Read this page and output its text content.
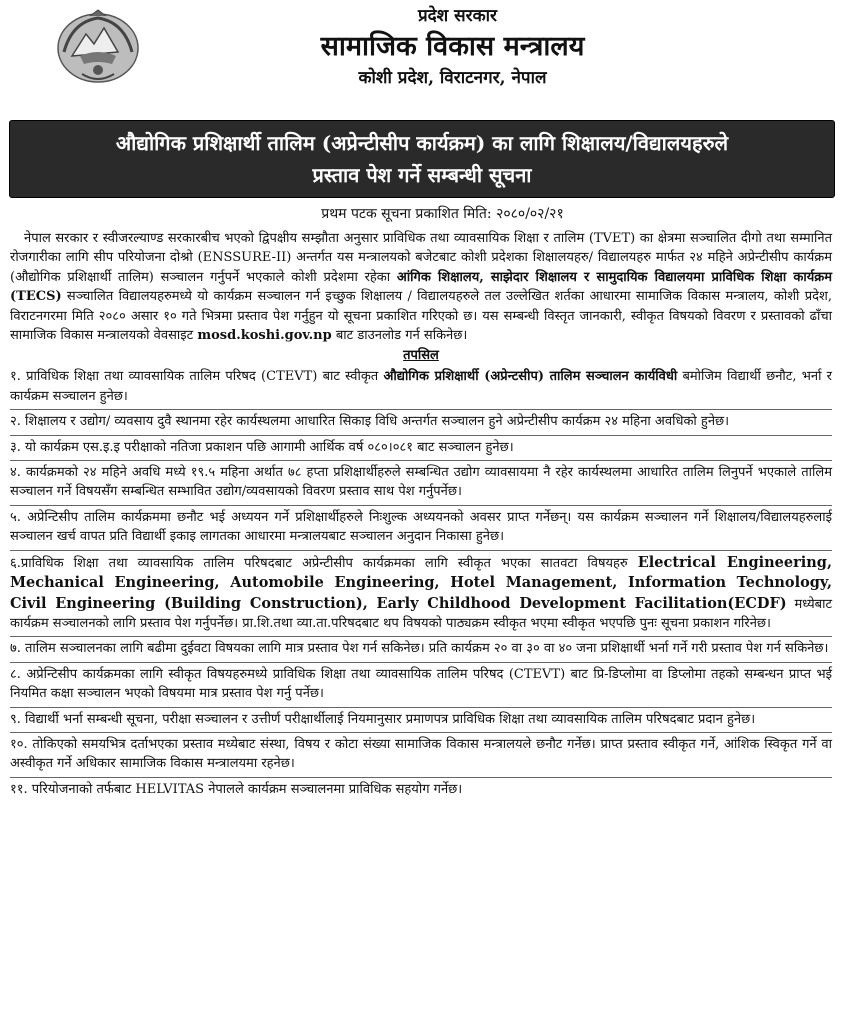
प्रदेश सरकार
सामाजिक विकास मन्त्रालय
कोशी प्रदेश, विराटनगर, नेपाल
औद्योगिक प्रशिक्षार्थी तालिम (अप्रेन्टीसीप कार्यक्रम) का लागि शिक्षालय/विद्यालयहरुले
प्रस्ताव पेश गर्ने सम्बन्धी सूचना
प्रथम पटक सूचना प्रकाशित मिति: २०८०/०२/२१

नेपाल सरकार र स्वीजरल्याण्ड सरकारबीच भएको द्विपक्षीय सम्झौता अनुसार प्राविधिक तथा व्यावसायिक शिक्षा र तालिम (TVET) का क्षेत्रमा सञ्चालित दीगो तथा सम्मानित रोजगारीका लागि सीप परियोजना दोश्रो (ENSSURE-II) अन्तर्गत यस मन्त्रालयको बजेटबाट कोशी प्रदेशका शिक्षालयहरु/ विद्यालयहरु मार्फत २४ महिने अप्रेन्टीसीप कार्यक्रम (औद्योगिक प्रशिक्षार्थी तालिम) सञ्चालन गर्नुपर्ने भएकाले कोशी प्रदेशमा रहेका आंगिक शिक्षालय, साझेदार शिक्षालय र सामुदायिक विद्यालयमा प्राविधिक शिक्षा कार्यक्रम (TECS) सञ्चालित विद्यालयहरुमध्ये यो कार्यक्रम सञ्चालन गर्न इच्छुक शिक्षालय / विद्यालयहरुले तल उल्लेखित शर्तका आधारमा सामाजिक विकास मन्त्रालय, कोशी प्रदेश, विराटनगरमा मिति २०८० असार १० गते भित्रमा प्रस्ताव पेश गर्नुहुन यो सूचना प्रकाशित गरिएको छ। यस सम्बन्धी विस्तृत जानकारी, स्वीकृत विषयको विवरण र प्रस्तावको ढाँचा सामाजिक विकास मन्त्रालयको वेवसाइट mosd.koshi.gov.np बाट डाउनलोड गर्न सकिनेछ।

तपसिल

१. प्राविधिक शिक्षा तथा व्यावसायिक तालिम परिषद (CTEVT) बाट स्वीकृत औद्योगिक प्रशिक्षार्थी (अप्रेन्टसीप) तालिम सञ्चालन कार्यविधी बमोजिम विद्यार्थी छनौट, भर्ना र कार्यक्रम सञ्चालन हुनेछ।

२. शिक्षालय र उद्योग/ व्यवसाय दुवै स्थानमा रहेर कार्यस्थलमा आधारित सिकाइ विधि अन्तर्गत सञ्चालन हुने अप्रेन्टीसीप कार्यक्रम २४ महिना अवधिको हुनेछ।

३. यो कार्यक्रम एस.इ.इ परीक्षाको नतिजा प्रकाशन पछि आगामी आर्थिक वर्ष ०८०।०८१ बाट सञ्चालन हुनेछ।

४. कार्यक्रमको २४ महिने अवधि मध्ये १९.५ महिना अर्थात ७८ हप्ता प्रशिक्षार्थीहरुले सम्बन्धित उद्योग व्यावसायमा नै रहेर कार्यस्थलमा आधारित तालिम लिनुपर्ने भएकाले तालिम सञ्चालन गर्ने विषयसँग सम्बन्धित सम्भावित उद्योग/व्यवसायको विवरण प्रस्ताव साथ पेश गर्नुपर्नेछ।

५. अप्रेन्टिसीप तालिम कार्यक्रममा छनौट भई अध्ययन गर्ने प्रशिक्षार्थीहरुले निःशुल्क अध्ययनको अवसर प्राप्त गर्नेछन्। यस कार्यक्रम सञ्चालन गर्ने शिक्षालय/विद्यालयहरुलाई सञ्चालन खर्च वापत प्रति विद्यार्थी इकाइ लागतका आधारमा मन्त्रालयबाट सञ्चालन अनुदान निकासा हुनेछ।

६.प्राविधिक शिक्षा तथा व्यावसायिक तालिम परिषदबाट अप्रेन्टीसीप कार्यक्रमका लागि स्वीकृत भएका सातवटा विषयहरु Electrical Engineering, Mechanical Engineering, Automobile Engineering, Hotel Management, Information Technology, Civil Engineering (Building Construction), Early Childhood Development Facilitation(ECDF) मध्येबाट कार्यक्रम सञ्चालनको लागि प्रस्ताव पेश गर्नुपर्नेछ। प्रा.शि.तथा व्या.ता.परिषदबाट थप विषयको पाठ्यक्रम स्वीकृत भएमा स्वीकृत भएपछि पुनः सूचना प्रकाशन गरिनेछ।

७. तालिम सञ्चालनका लागि बढीमा दुईवटा विषयका लागि मात्र प्रस्ताव पेश गर्न सकिनेछ। प्रति कार्यक्रम २० वा ३० वा ४० जना प्रशिक्षार्थी भर्ना गर्ने गरी प्रस्ताव पेश गर्न सकिनेछ।

८. अप्रेन्टिसीप कार्यक्रमका लागि स्वीकृत विषयहरुमध्ये प्राविधिक शिक्षा तथा व्यावसायिक तालिम परिषद (CTEVT) बाट प्रि-डिप्लोमा वा डिप्लोमा तहको सम्बन्धन प्राप्त भई नियमित कक्षा सञ्चालन भएको विषयमा मात्र प्रस्ताव पेश गर्नु पर्नेछ।

९. विद्यार्थी भर्ना सम्बन्धी सूचना, परीक्षा सञ्चालन र उत्तीर्ण परीक्षार्थीलाई नियमानुसार प्रमाणपत्र प्राविधिक शिक्षा तथा व्यावसायिक तालिम परिषदबाट प्रदान हुनेछ।

१०. तोकिएको समयभित्र दर्ताभएका प्रस्ताव मध्येबाट संस्था, विषय र कोटा संख्या सामाजिक विकास मन्त्रालयले छनौट गर्नेछ। प्राप्त प्रस्ताव स्वीकृत गर्ने, आंशिक स्विकृत गर्ने वा अस्वीकृत गर्ने अधिकार सामाजिक विकास मन्त्रालयमा रहनेछ।

११. परियोजनाको तर्फबाट HELVITAS नेपालले कार्यक्रम सञ्चालनमा प्राविधिक सहयोग गर्नेछ।
